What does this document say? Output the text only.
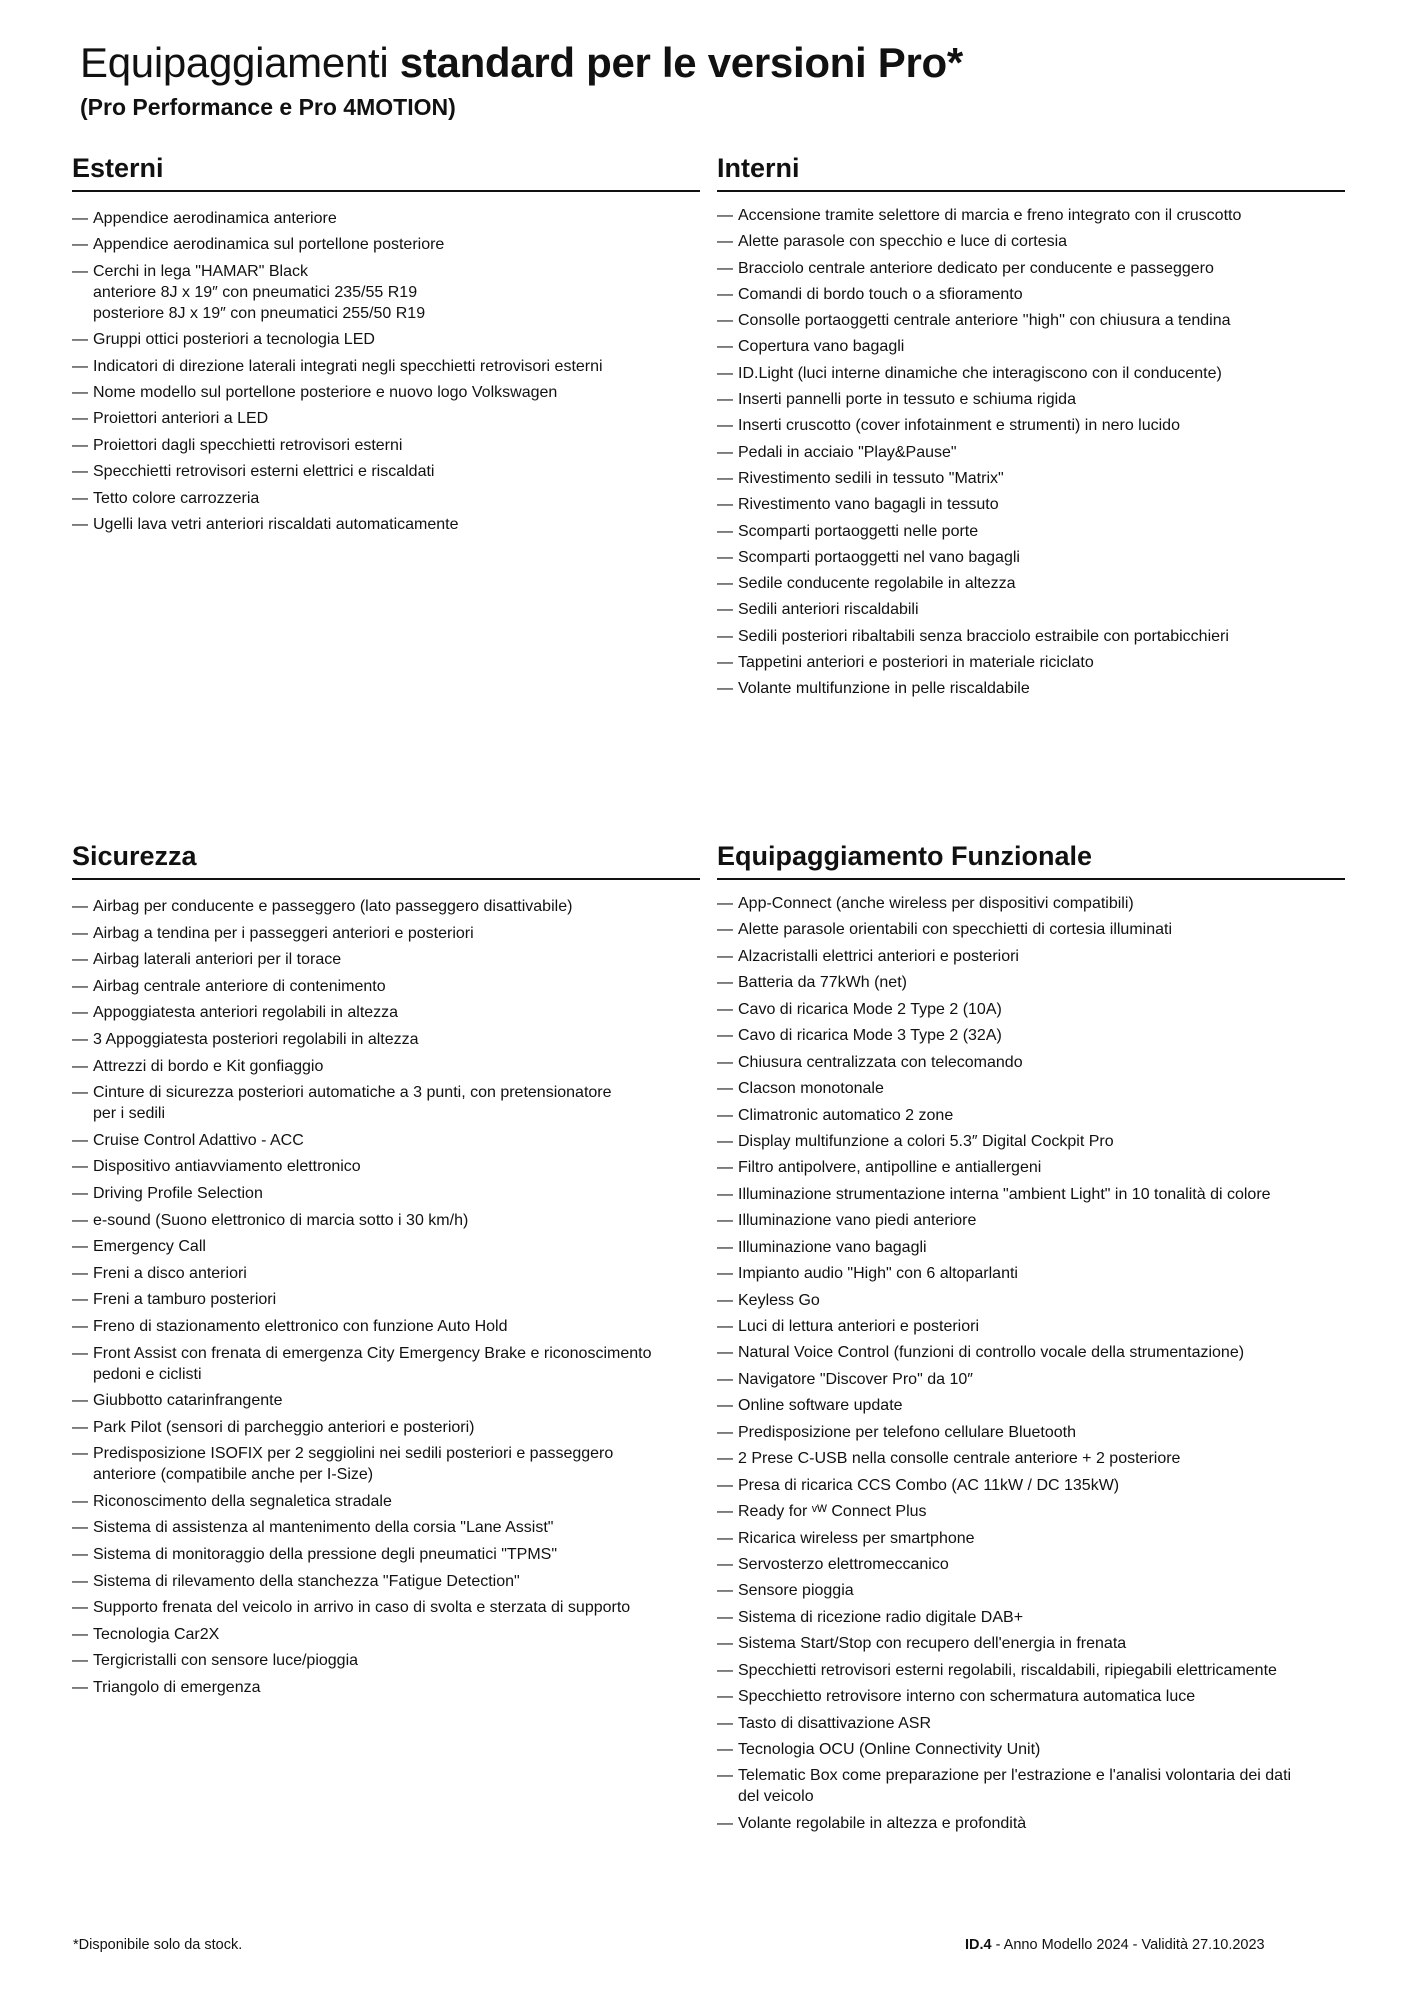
Equipaggiamenti standard per le versioni Pro*

(Pro Performance e Pro 4MOTION)

Esterni
— Appendice aerodinamica anteriore
— Appendice aerodinamica sul portellone posteriore
— Cerchi in lega "HAMAR" Black
anteriore 8J x 19″ con pneumatici 235/55 R19
posteriore 8J x 19″ con pneumatici 255/50 R19
— Gruppi ottici posteriori a tecnologia LED
— Indicatori di direzione laterali integrati negli specchietti retrovisori esterni
— Nome modello sul portellone posteriore e nuovo logo Volkswagen
— Proiettori anteriori a LED
— Proiettori dagli specchietti retrovisori esterni
— Specchietti retrovisori esterni elettrici e riscaldati
— Tetto colore carrozzeria
— Ugelli lava vetri anteriori riscaldati automaticamente
Interni
— Accensione tramite selettore di marcia e freno integrato con il cruscotto
— Alette parasole con specchio e luce di cortesia
— Bracciolo centrale anteriore dedicato per conducente e passeggero
— Comandi di bordo touch o a sfioramento
— Consolle portaoggetti centrale anteriore ''high'' con chiusura a tendina
— Copertura vano bagagli
— ID.Light (luci interne dinamiche che interagiscono con il conducente)
— Inserti pannelli porte in tessuto e schiuma rigida
— Inserti cruscotto (cover infotainment e strumenti) in nero lucido
— Pedali in acciaio "Play&Pause"
— Rivestimento sedili in tessuto "Matrix"
— Rivestimento vano bagagli in tessuto
— Scomparti portaoggetti nelle porte
— Scomparti portaoggetti nel vano bagagli
— Sedile conducente regolabile in altezza
— Sedili anteriori riscaldabili
— Sedili posteriori ribaltabili senza bracciolo estraibile con portabicchieri
— Tappetini anteriori e posteriori in materiale riciclato
— Volante multifunzione in pelle riscaldabile
Sicurezza
— Airbag per conducente e passeggero (lato passeggero disattivabile)
— Airbag a tendina per i passeggeri anteriori e posteriori
— Airbag laterali anteriori per il torace
— Airbag centrale anteriore di contenimento
— Appoggiatesta anteriori regolabili in altezza
— 3 Appoggiatesta posteriori regolabili in altezza
— Attrezzi di bordo e Kit gonfiaggio
— Cinture di sicurezza posteriori automatiche a 3 punti, con pretensionatore
per i sedili
— Cruise Control Adattivo - ACC
— Dispositivo antiavviamento elettronico
— Driving Profile Selection
— e-sound (Suono elettronico di marcia sotto i 30 km/h)
— Emergency Call
— Freni a disco anteriori
— Freni a tamburo posteriori
— Freno di stazionamento elettronico con funzione Auto Hold
— Front Assist con frenata di emergenza City Emergency Brake e riconoscimento
pedoni e ciclisti
— Giubbotto catarinfrangente
— Park Pilot (sensori di parcheggio anteriori e posteriori)
— Predisposizione ISOFIX per 2 seggiolini nei sedili posteriori e passeggero
anteriore (compatibile anche per I-Size)
— Riconoscimento della segnaletica stradale
— Sistema di assistenza al mantenimento della corsia "Lane Assist"
— Sistema di monitoraggio della pressione degli pneumatici "TPMS"
— Sistema di rilevamento della stanchezza "Fatigue Detection"
— Supporto frenata del veicolo in arrivo in caso di svolta e sterzata di supporto
— Tecnologia Car2X
— Tergicristalli con sensore luce/pioggia
— Triangolo di emergenza
Equipaggiamento Funzionale
— App-Connect (anche wireless per dispositivi compatibili)
— Alette parasole orientabili con specchietti di cortesia illuminati
— Alzacristalli elettrici anteriori e posteriori
— Batteria da 77kWh (net)
— Cavo di ricarica Mode 2 Type 2 (10A)
— Cavo di ricarica Mode 3 Type 2 (32A)
— Chiusura centralizzata con telecomando
— Clacson monotonale
— Climatronic automatico 2 zone
— Display multifunzione a colori 5.3″ Digital Cockpit Pro
— Filtro antipolvere, antipolline e antiallergeni
— Illuminazione strumentazione interna "ambient Light" in 10 tonalità di colore
— Illuminazione vano piedi anteriore
— Illuminazione vano bagagli
— Impianto audio "High" con 6 altoparlanti
— Keyless Go
— Luci di lettura anteriori e posteriori
— Natural Voice Control (funzioni di controllo vocale della strumentazione)
— Navigatore "Discover Pro" da 10″
— Online software update
— Predisposizione per telefono cellulare Bluetooth
— 2 Prese C-USB nella consolle centrale anteriore + 2 posteriore
— Presa di ricarica CCS Combo (AC 11kW / DC 135kW)
— Ready for ᵛᵂ Connect Plus
— Ricarica wireless per smartphone
— Servosterzo elettromeccanico
— Sensore pioggia
— Sistema di ricezione radio digitale DAB+
— Sistema Start/Stop con recupero dell'energia in frenata
— Specchietti retrovisori esterni regolabili, riscaldabili, ripiegabili elettricamente
— Specchietto retrovisore interno con schermatura automatica luce
— Tasto di disattivazione ASR
— Tecnologia OCU (Online Connectivity Unit)
— Telematic Box come preparazione per l'estrazione e l'analisi volontaria dei dati
del veicolo
— Volante regolabile in altezza e profondità
*Disponibile solo da stock.	ID.4 - Anno Modello 2024 - Validità 27.10.2023
